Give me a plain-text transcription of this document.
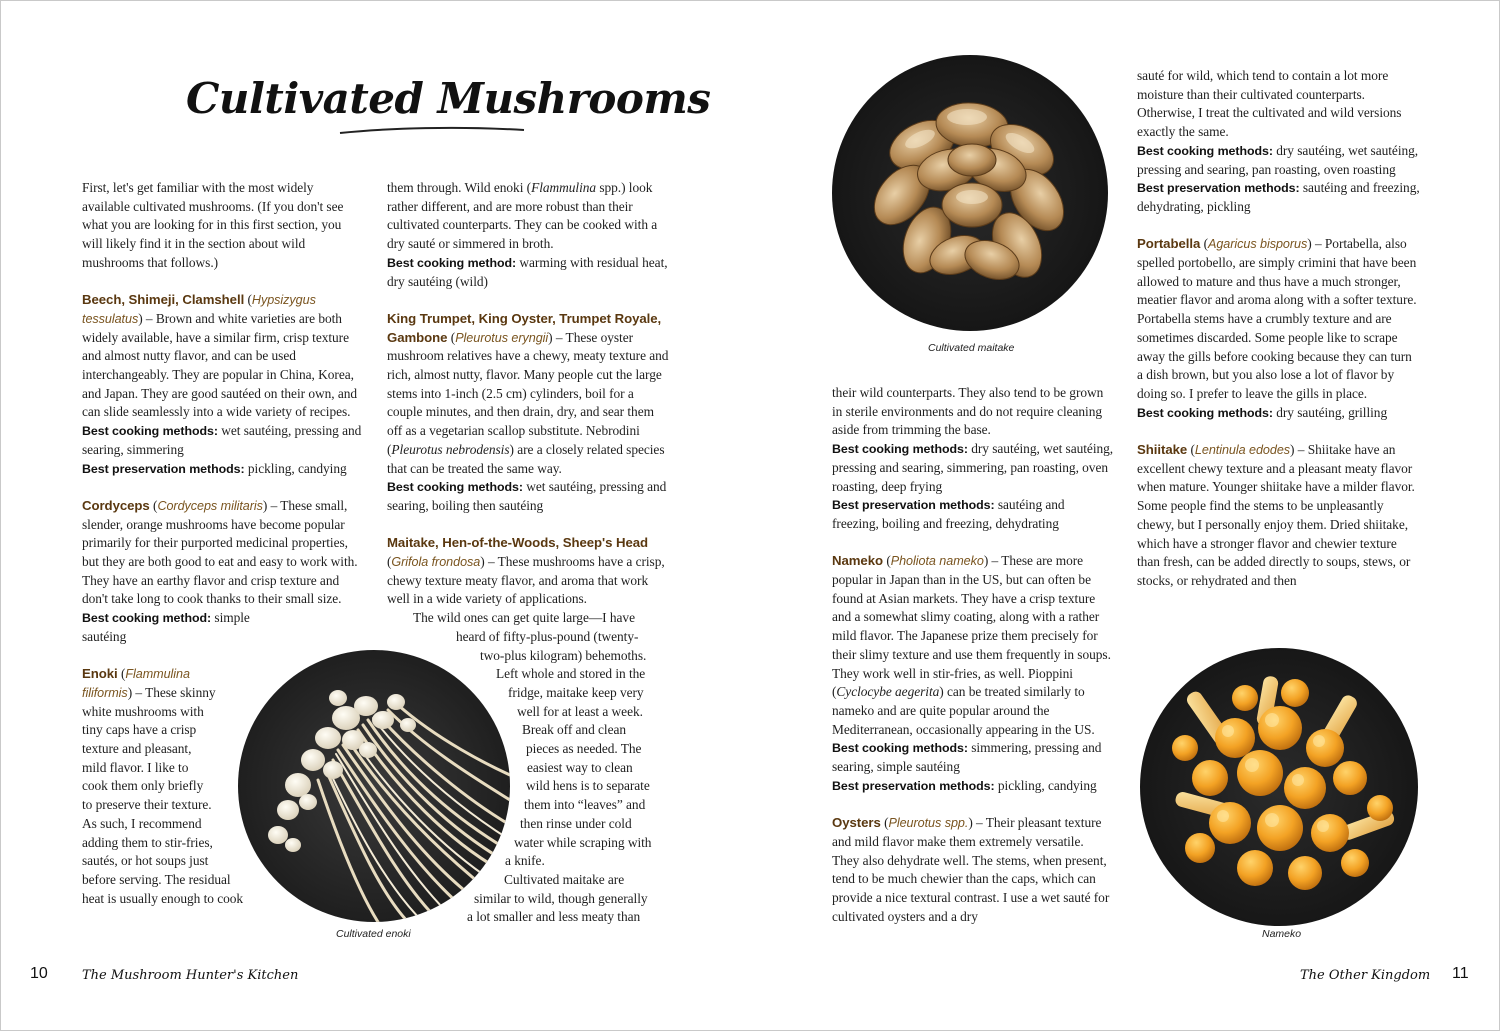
Cultivated Mushrooms

First, let's get familiar with the most widely available cultivated mushrooms. (If you don't see what you are looking for in this first section, you will likely find it in the section about wild mushrooms that follows.)

Beech, Shimeji, Clamshell (Hypsizygus tessulatus) – Brown and white varieties are both widely available, have a similar firm, crisp texture and almost nutty flavor, and can be used interchangeably. They are popular in China, Korea, and Japan. They are good sautéed on their own, and can slide seamlessly into a wide variety of recipes.

Best cooking methods: wet sautéing, pressing and searing, simmering

Best preservation methods: pickling, candying

Cordyceps (Cordyceps militaris) – These small, slender, orange mushrooms have become popular primarily for their purported medicinal properties, but they are both good to eat and easy to work with. They have an earthy flavor and crisp texture and don't take long to cook thanks to their small size.

Best cooking method: simple sautéing

Enoki (Flammulina

filiformis) – These skinny

white mushrooms with
tiny caps have a crisp
texture and pleasant,
mild flavor. I like to
cook them only briefly
to preserve their texture.
As such, I recommend
adding them to stir-fries,
sautés, or hot soups just
before serving. The residual
heat is usually enough to cook
Cultivated enoki

them through. Wild enoki (Flammulina spp.) look rather different, and are more robust than their cultivated counterparts. They can be cooked with a dry sauté or simmered in broth.

Best cooking method: warming with residual heat, dry sautéing (wild)

King Trumpet, King Oyster, Trumpet Royale, Gambone (Pleurotus eryngii) – These oyster mushroom relatives have a chewy, meaty texture and rich, almost nutty, flavor. Many people cut the large stems into 1-inch (2.5 cm) cylinders, boil for a couple minutes, and then drain, dry, and sear them off as a vegetarian scallop substitute. Nebrodini (Pleurotus nebrodensis) are a closely related species that can be treated the same way.

Best cooking methods: wet sautéing, pressing and searing, boiling then sautéing

Maitake, Hen-of-the-Woods, Sheep's Head (Grifola frondosa) – These mushrooms have a crisp, chewy texture meaty flavor, and aroma that work well in a wide variety of applications.

The wild ones can get quite large—I have
heard of fifty-plus-pound (twenty-
two-plus kilogram) behemoths.
Left whole and stored in the
fridge, maitake keep very
well for at least a week.
Break off and clean
pieces as needed. The
easiest way to clean
wild hens is to separate
them into “leaves” and
then rinse under cold
water while scraping with
a knife.
Cultivated maitake are
similar to wild, though generally
a lot smaller and less meaty than
Cultivated maitake

their wild counterparts. They also tend to be grown in sterile environments and do not require cleaning aside from trimming the base.

Best cooking methods: dry sautéing, wet sautéing, pressing and searing, simmering, pan roasting, oven roasting, deep frying

Best preservation methods: sautéing and freezing, boiling and freezing, dehydrating

Nameko (Pholiota nameko) – These are more popular in Japan than in the US, but can often be found at Asian markets. They have a crisp texture and a somewhat slimy coating, along with a rather mild flavor. The Japanese prize them precisely for their slimy texture and use them frequently in soups. They work well in stir-fries, as well. Pioppini (Cyclocybe aegerita) can be treated similarly to nameko and are quite popular around the Mediterranean, occasionally appearing in the US.

Best cooking methods: simmering, pressing and searing, simple sautéing

Best preservation methods: pickling, candying

Oysters (Pleurotus spp.) – Their pleasant texture and mild flavor make them extremely versatile. They also dehydrate well. The stems, when present, tend to be much chewier than the caps, which can provide a nice textural contrast. I use a wet sauté for cultivated oysters and a dry

sauté for wild, which tend to contain a lot more moisture than their cultivated counterparts. Otherwise, I treat the cultivated and wild versions exactly the same.

Best cooking methods: dry sautéing, wet sautéing, pressing and searing, pan roasting, oven roasting

Best preservation methods: sautéing and freezing, dehydrating, pickling

Portabella (Agaricus bisporus) – Portabella, also spelled portobello, are simply crimini that have been allowed to mature and thus have a much stronger, meatier flavor and aroma along with a softer texture. Portabella stems have a crumbly texture and are sometimes discarded. Some people like to scrape away the gills before cooking because they can turn a dish brown, but you also lose a lot of flavor by doing so. I prefer to leave the gills in place.

Best cooking methods: dry sautéing, grilling

Shiitake (Lentinula edodes) – Shiitake have an excellent chewy texture and a pleasant meaty flavor when mature. Younger shiitake have a milder flavor. Some people find the stems to be unpleasantly chewy, but I personally enjoy them. Dried shiitake, which have a stronger flavor and chewier texture than fresh, can be added directly to soups, stews, or stocks, or rehydrated and then

Nameko
10	The Mushroom Hunter's Kitchen	The Other Kingdom 11
